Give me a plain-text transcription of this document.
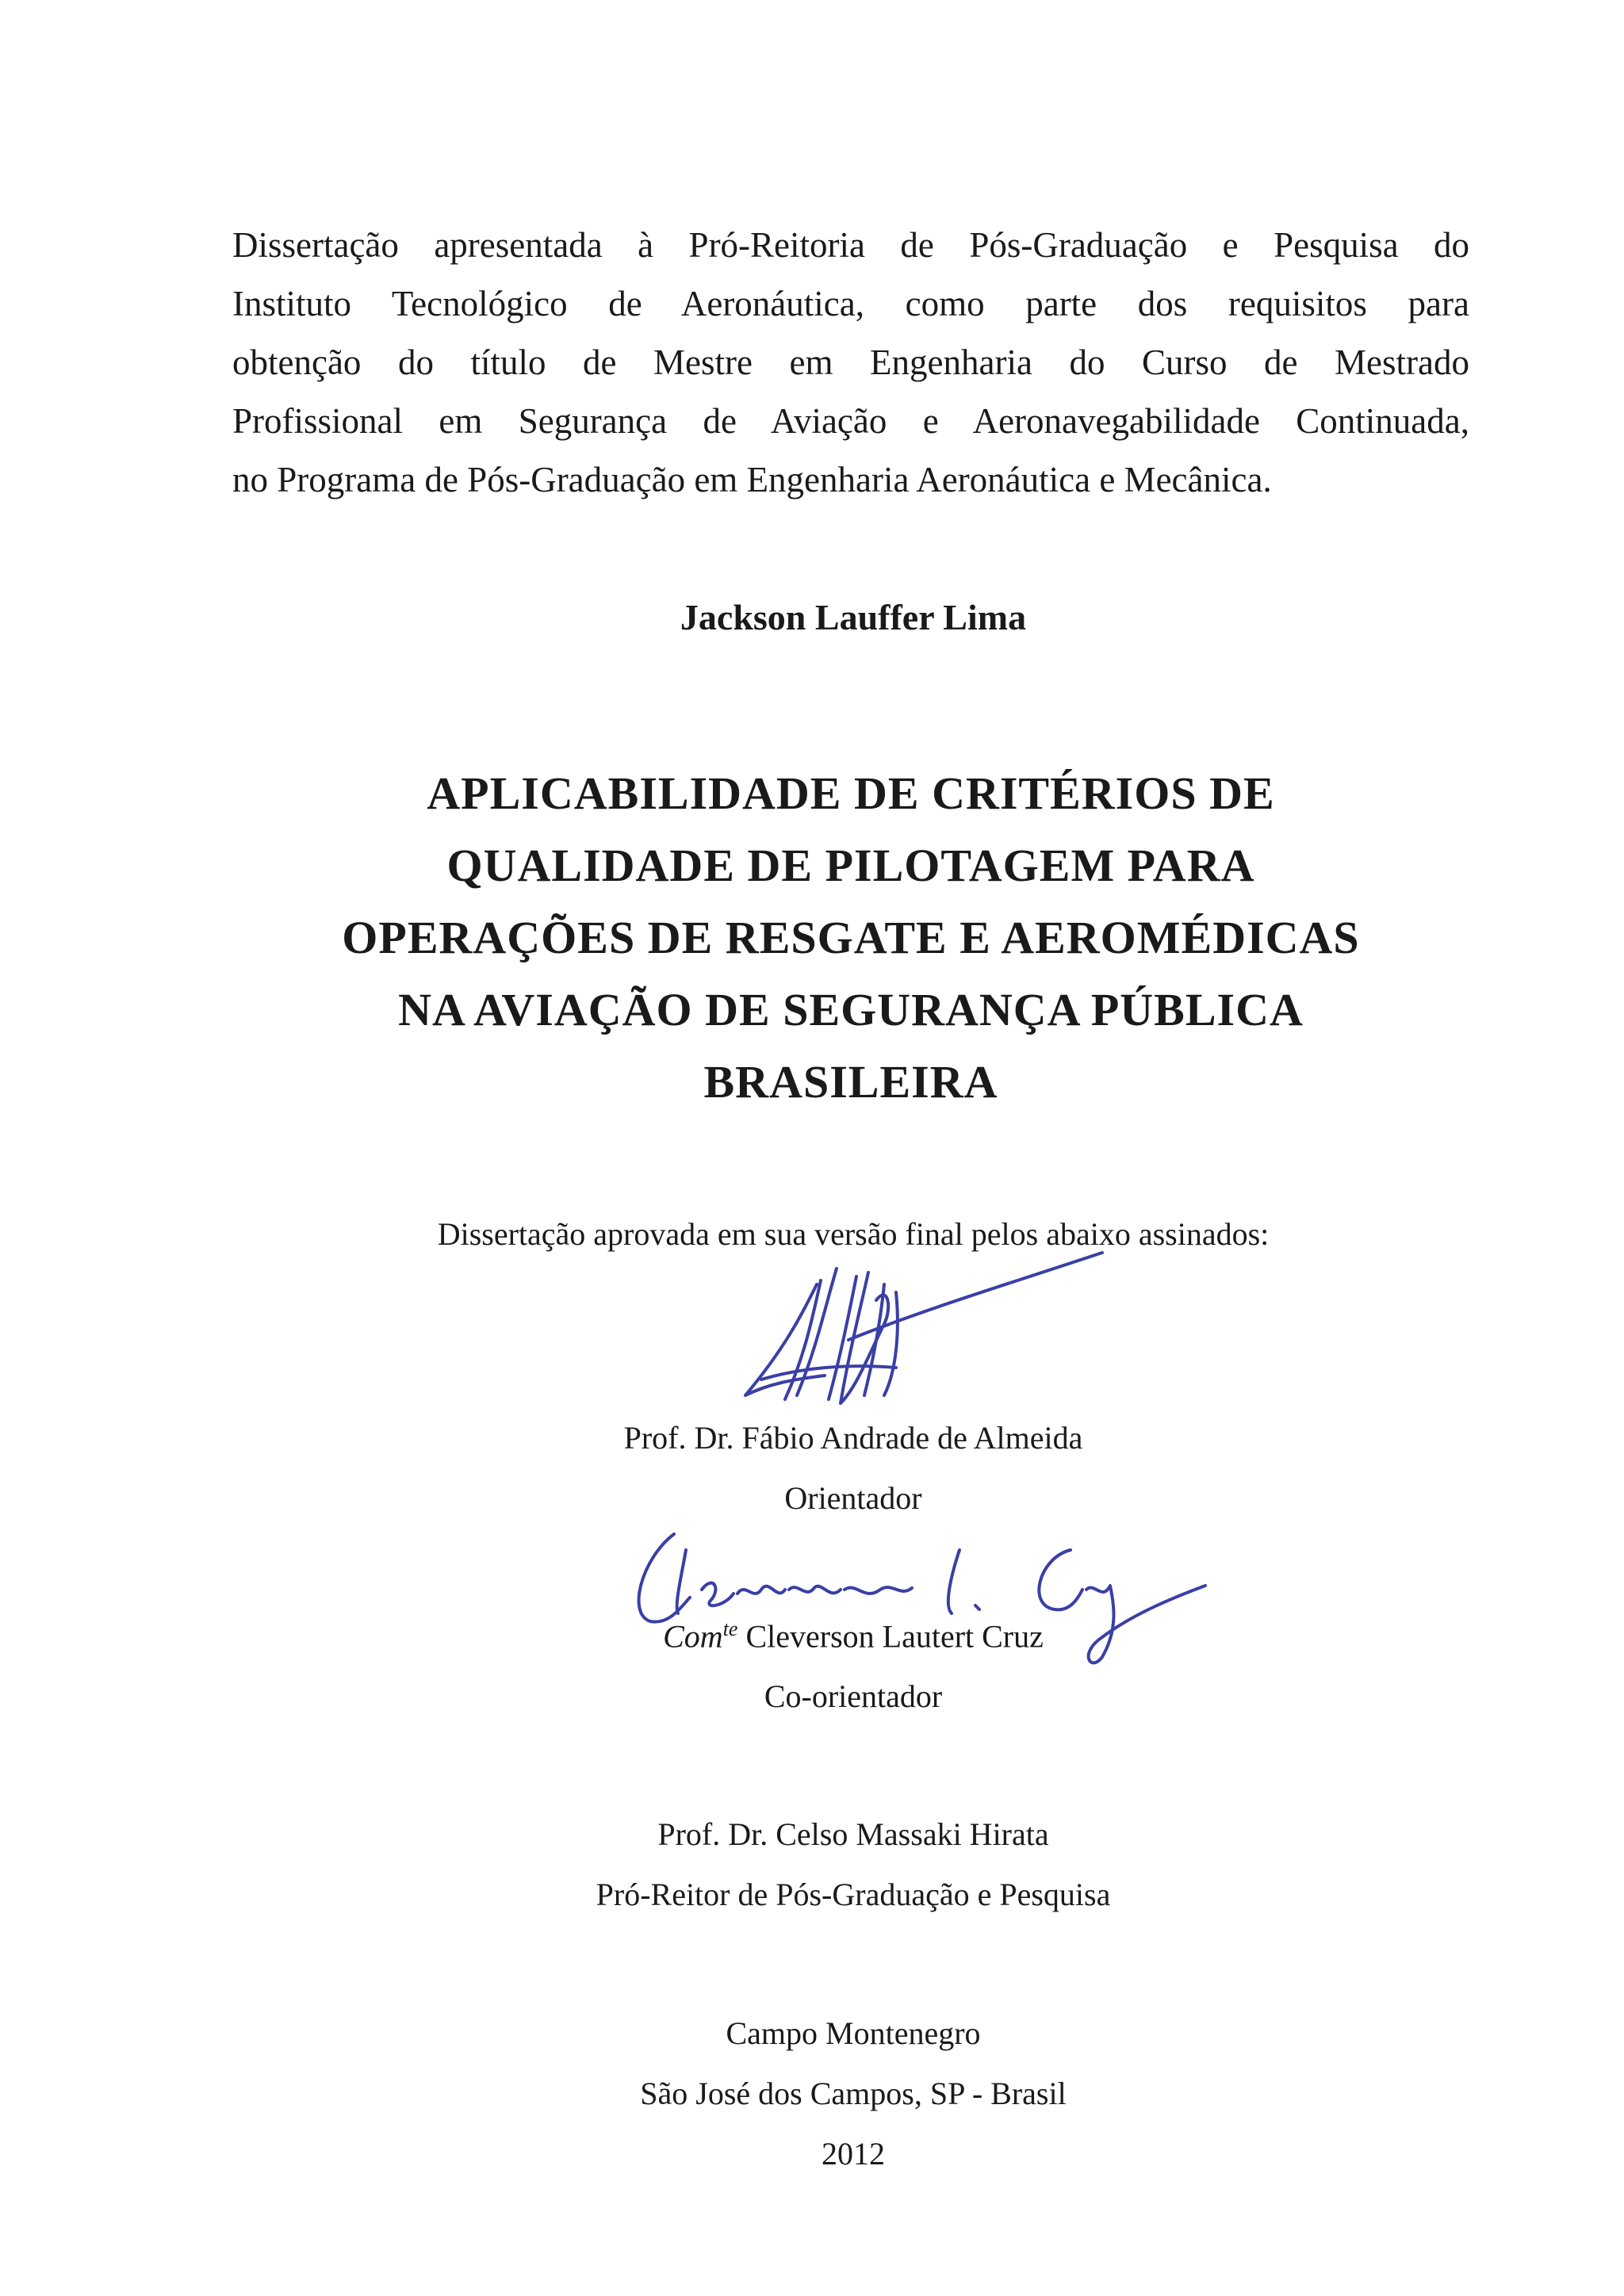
Dissertação apresentada à Pró-Reitoria de Pós-Graduação e Pesquisa do
Instituto Tecnológico de Aeronáutica, como parte dos requisitos para
obtenção do título de Mestre em Engenharia do Curso de Mestrado
Profissional em Segurança de Aviação e Aeronavegabilidade Continuada,
no Programa de Pós-Graduação em Engenharia Aeronáutica e Mecânica.
Jackson Lauffer Lima
APLICABILIDADE DE CRITÉRIOS DE
QUALIDADE DE PILOTAGEM PARA
OPERAÇÕES DE RESGATE E AEROMÉDICAS
NA AVIAÇÃO DE SEGURANÇA PÚBLICA
BRASILEIRA
Dissertação aprovada em sua versão final pelos abaixo assinados:
Prof. Dr. Fábio Andrade de Almeida
Orientador
Com$^{te}$ Cleverson Lautert Cruz
Co-orientador
Prof. Dr. Celso Massaki Hirata
Pró-Reitor de Pós-Graduação e Pesquisa
Campo Montenegro
São José dos Campos, SP - Brasil
2012
